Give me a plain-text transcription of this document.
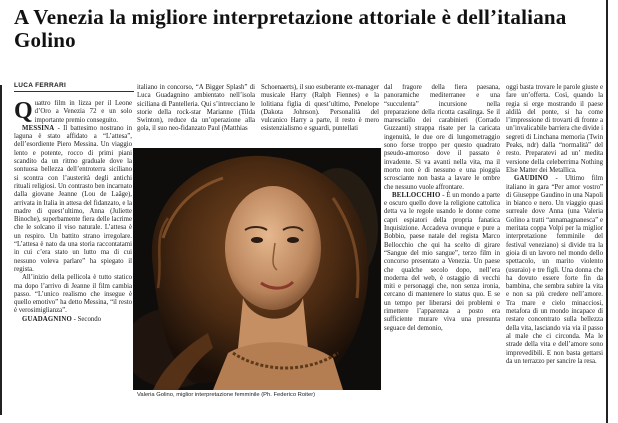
A Venezia la migliore interpretazione attoriale è dell’italiana Golino
LUCA FERRARI

Quattro film in lizza per il Leone d’Oro a Venezia 72 e un solo importante premio conseguito.

MESSINA - Il battesimo nostrano in laguna è stato affidato a “L’attesa”, dell’esordiente Piero Messina. Un viaggio lento e potente, rocco di primi piani scandito da un ritmo graduale dove la sontuosa bellezza dell’entroterra siciliano si scontra con l’austerità degli antichi rituali religiosi. Un contrasto ben incarnato dalla giovane Jeanne (Lou de Laâge), arrivata in Italia in attesa del fidanzato, e la madre di quest’ultimo, Anna (Juliette Binoche), superbamente fiera delle lacrime che le solcano il viso naturale. L’attesa è un respiro. Un battito strano irregolare. “L’attesa è nato da una storia raccontatami in cui c’era stato un lutto ma di cui nessuno voleva parlare” ha spiegato il regista.

All’inizio della pellicola è tutto statico ma dopo l’arrivo di Jeanne il film cambia passo. “L’unico realismo che insegue è quello emotivo” ha detto Messina, “il resto è verosimiglianza”.

GUADAGNINO - Secondo

italiano in concorso, “A Bigger Splash” di Luca Guadagnino ambientato nell’isola siciliana di Pantelleria. Qui s’intrecciano le storie della rock-star Marianne (Tilda Swinton), reduce da un’operazione alla gola, il suo neo-fidanzato Paul (Matthias

Schoenaerts), il suo esuberante ex-manager musicale Harry (Ralph Fiennes) e la lolitiana figlia di quest’ultimo, Penelope (Dakota Johnson). Personalità del vulcanico Harry a parte, il resto è mero esistenzialismo e sguardi, puntellati

Valeria Golino, miglior interpretazione femminile (Ph. Federico Roiter)

dal fragore della fiera paesana, panoramiche mediterranee e una “succulenta” incursione nella preparazione della ricotta casalinga. Se il maresciallo dei carabinieri (Corrado Guzzanti) strappa risate per la caricata ingenuità, le due ore di lungometraggio sono forse troppo per questo quadrato pseudo-amoroso dove il passato è invadente. Si va avanti nella vita, ma il morto non è di nessuno e una pioggia scrosciante non basta a lavare le ombre che nessuno vuole affrontare.

BELLOCCHIO - È un mondo a parte e oscuro quello dove la religione cattolica detta va le regole usando le donne come capri espiatori della propria fanatica Inquisizione. Accadeva ovunque e pure a Bobbio, paese natale del regista Marco Bellocchio che qui ha scelto di girare “Sangue del mio sangue”, terzo film in concorso presentato a Venezia. Un paese che qualche secolo dopo, nell’era moderna del web, è ostaggio di vecchi miti e personaggi che, non senza ironia, cercano di mantenere lo status quo. E se un tempo per liberarsi dei problemi e rimettere l’apparenza a posto era sufficiente murare viva una presunta seguace del demonio,

oggi basta trovare le parole giuste e fare un’offerta. Così, quando la regia si erge mostrando il paese aldilà del ponte, si ha come l’impressione di trovarti di fronte a un’invalicabile barriera che divide i segreti di Linchana memoria (Twin Peaks, ndr) dalla “normalità” del resto. Preparatevi ad un’ medita versione della celeberrima Nothing Else Matter dei Metallica.

GAUDINO - Ultimo film italiano in gara “Per amor vostro” di Giuseppe Gaudino in una Napoli in bianco e nero. Un viaggio quasi surreale dove Anna (una Valeria Golino a tratti “annamagnanesca” e meritata coppa Volpi per la miglior interpretazione femminile del festival veneziano) si divide tra la gioia di un lavoro nel mondo dello spettacolo, un marito violento (usuraio) e tre figli. Una donna che ha dovuto essere forte fin da bambina, che sembra subire la vita e non sa più credere nell’amore. Tra mare e cielo minacciosi, metafora di un mondo incapace di restare concentrato sulla bellezza della vita, lasciando via via il passo al male che ci circonda. Ma le strade della vita e dell’amore sono imprevedibili. E non basta gettarsi da un terrazzo per sancire la resa.
